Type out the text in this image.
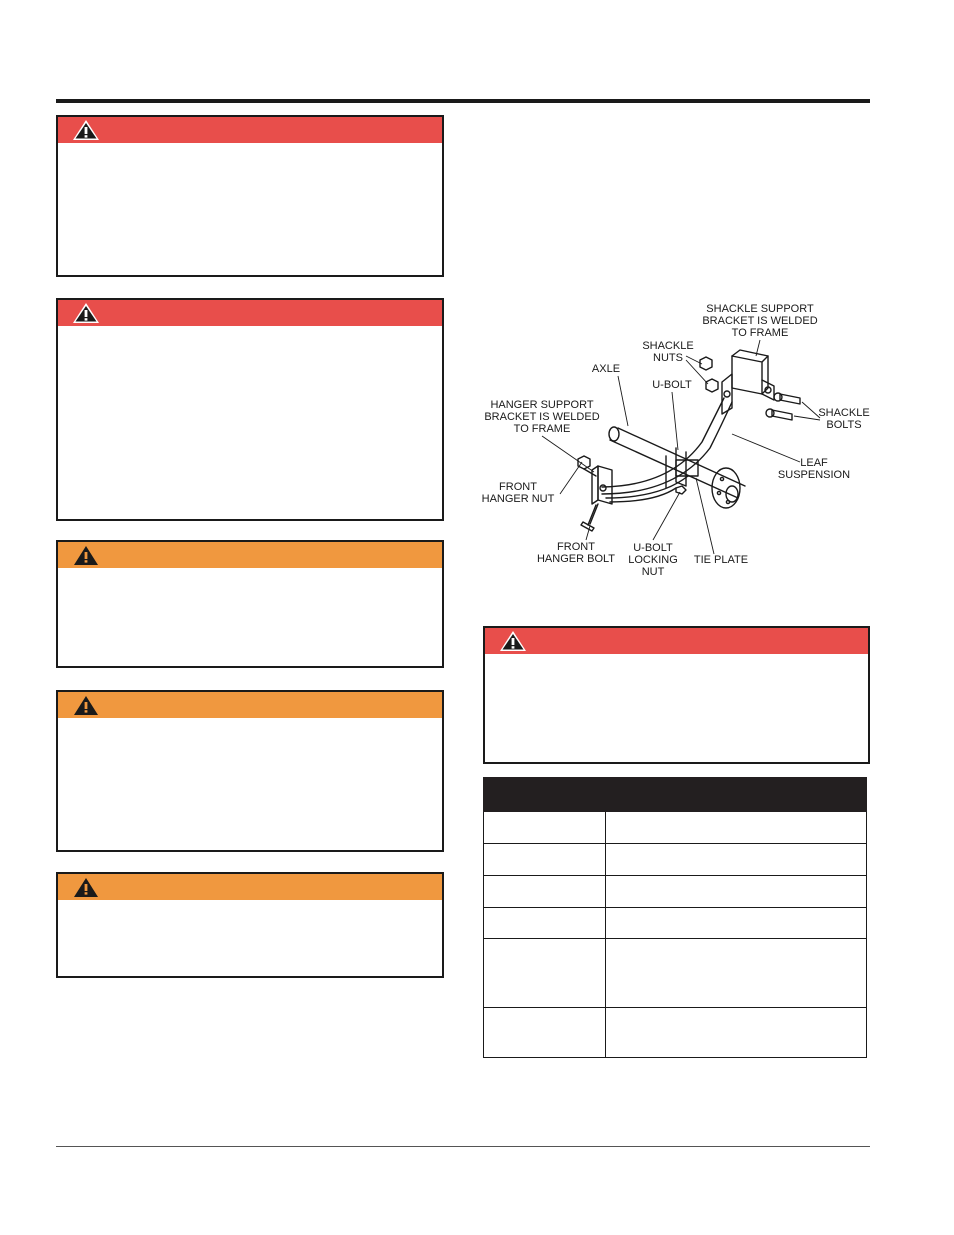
SHACKLE SUPPORT
BRACKET IS WELDED
TO FRAME
SHACKLE
NUTS
AXLE
U-BOLT
HANGER SUPPORT
BRACKET IS WELDED
TO FRAME
SHACKLE
BOLTS
LEAF
SUSPENSION
FRONT
HANGER NUT
FRONT
HANGER BOLT
U-BOLT
LOCKING
NUT
TIE PLATE
